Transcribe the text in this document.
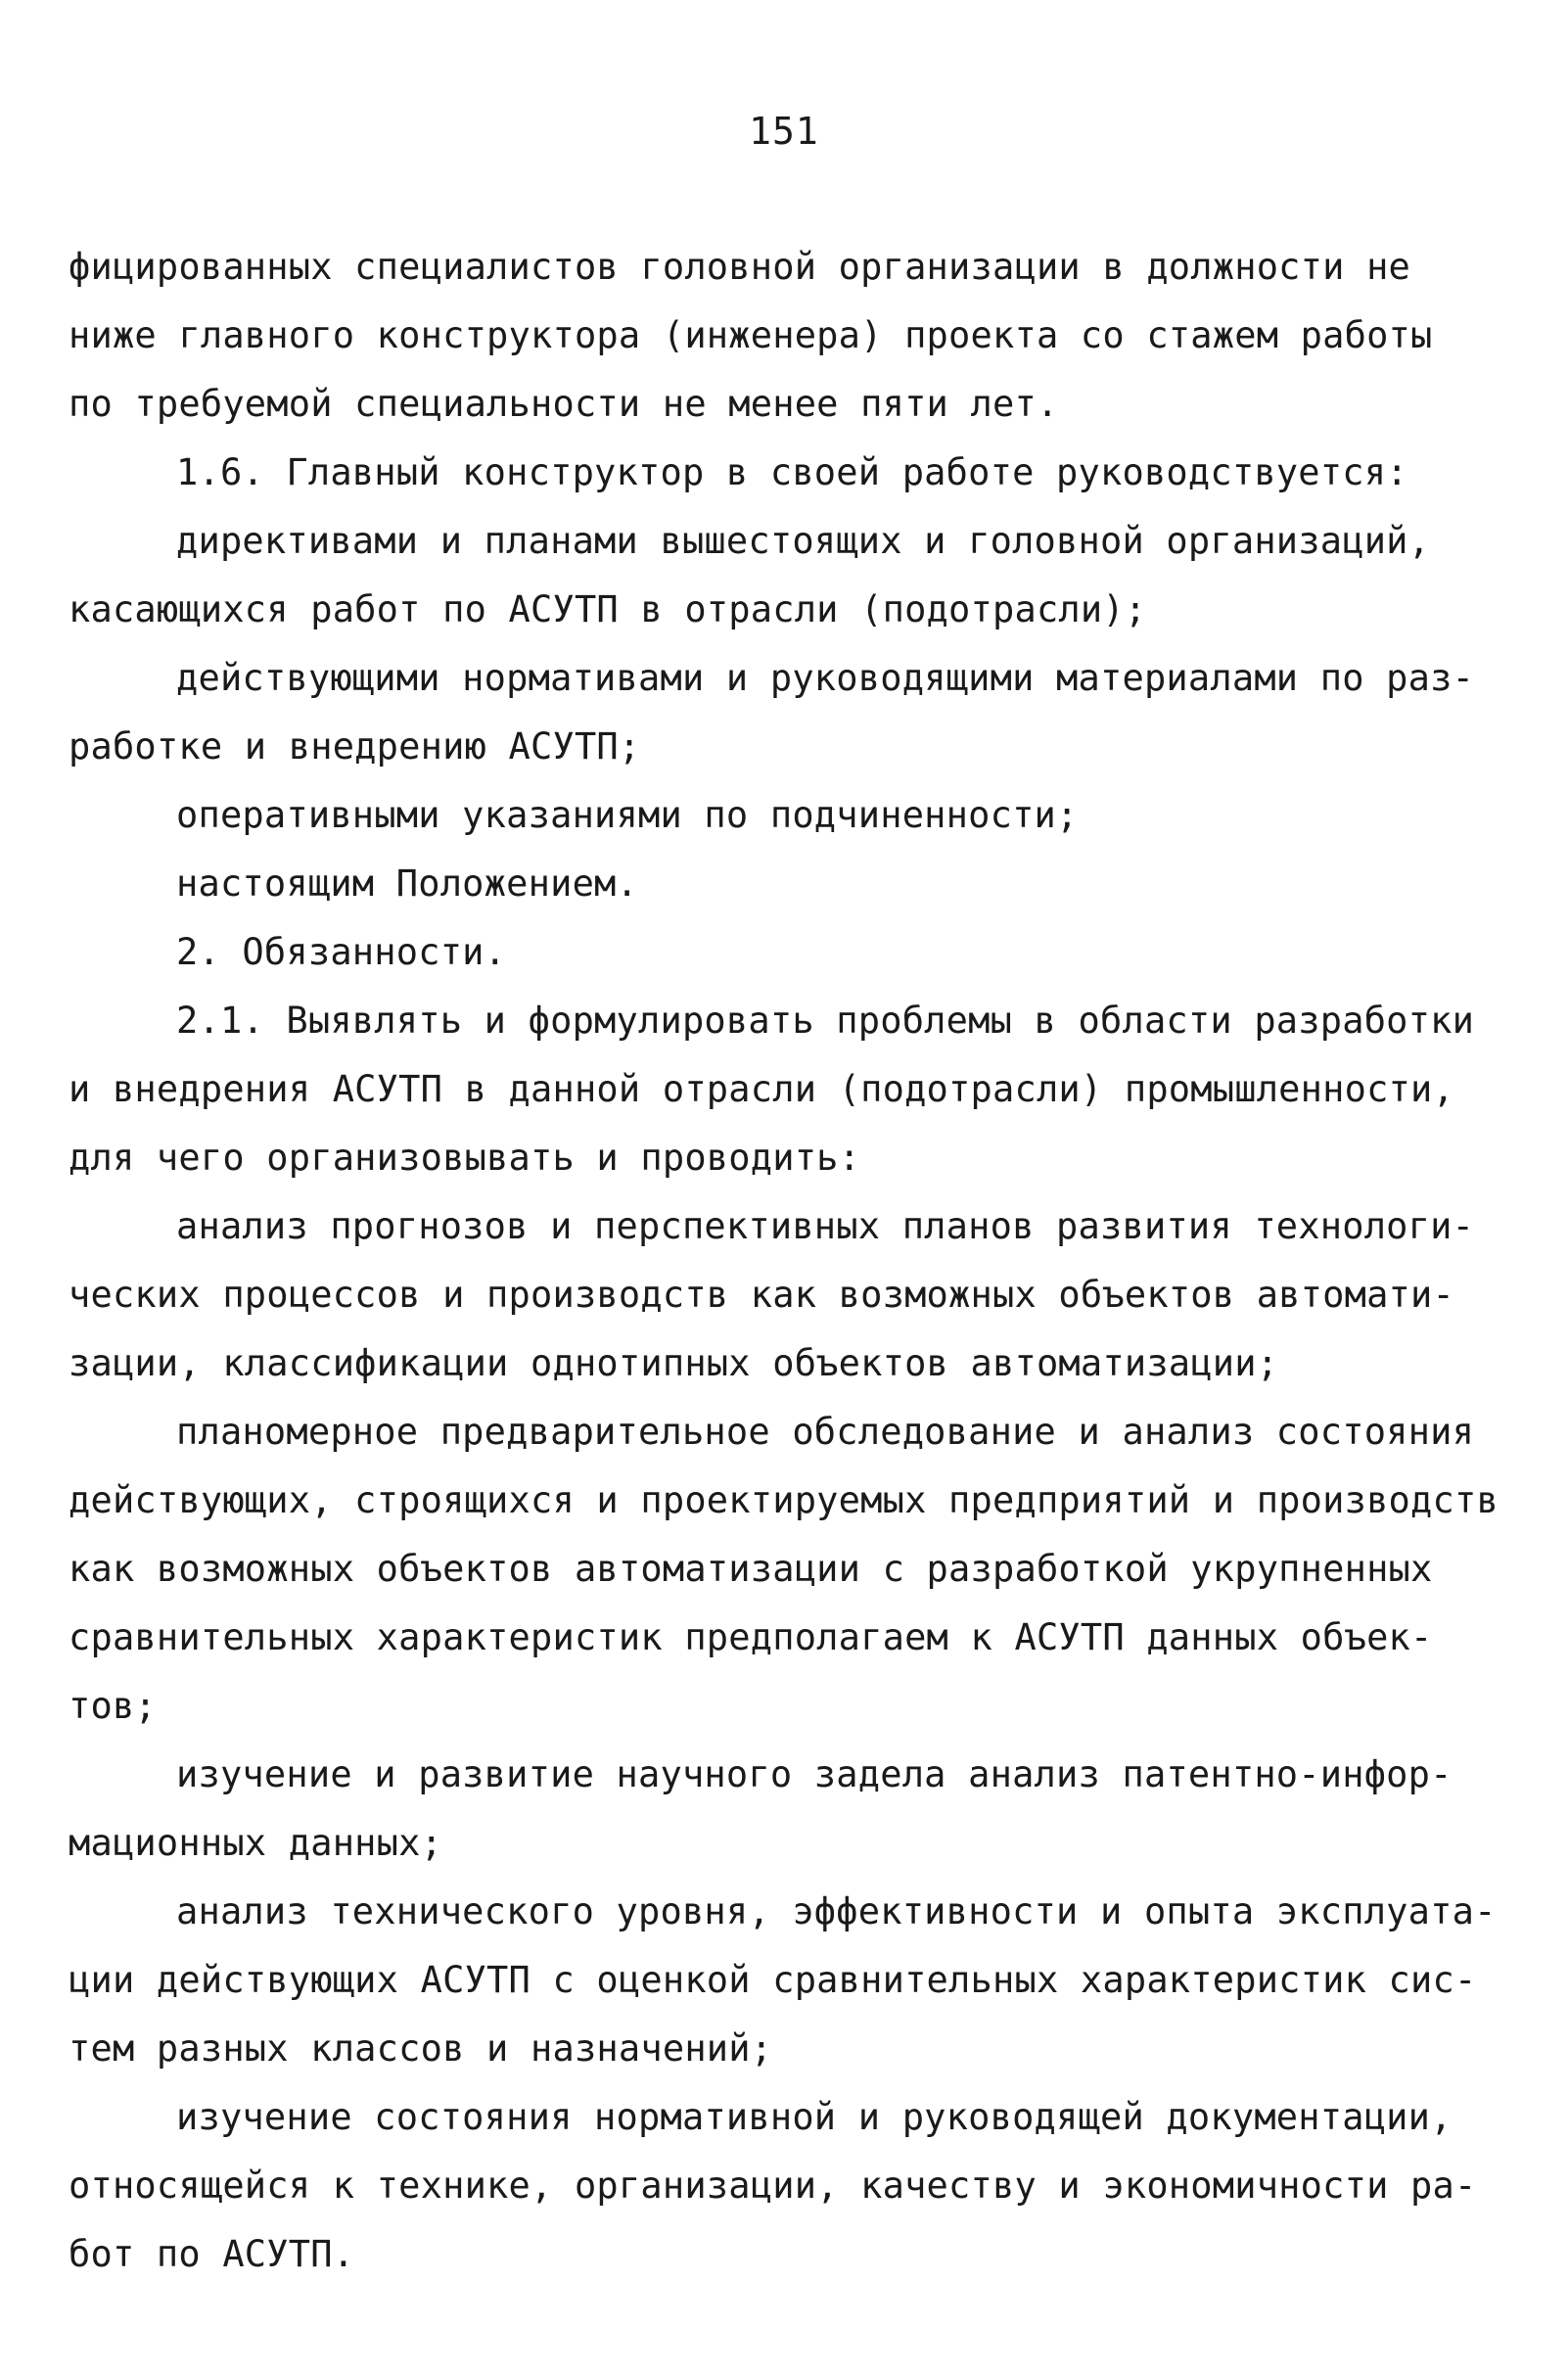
151
фицированных специалистов головной организации в должности не
ниже главного конструктора (инженера) проекта со стажем работы
по требуемой специальности не менее пяти лет.
1.6. Главный конструктор в своей работе руководствуется:
директивами и планами вышестоящих и головной организаций,
касающихся работ по АСУТП в отрасли (подотрасли);
действующими нормативами и руководящими материалами по раз-
работке и внедрению АСУТП;
оперативными указаниями по подчиненности;
настоящим Положением.
2. Обязанности.
2.1. Выявлять и формулировать проблемы в области разработки
и внедрения АСУТП в данной отрасли (подотрасли) промышленности,
для чего организовывать и проводить:
анализ прогнозов и перспективных планов развития технологи-
ческих процессов и производств как возможных объектов автомати-
зации, классификации однотипных объектов автоматизации;
планомерное предварительное обследование и анализ состояния
действующих, строящихся и проектируемых предприятий и производств
как возможных объектов автоматизации с разработкой укрупненных
сравнительных характеристик предполагаем к АСУТП данных объек-
тов;
изучение и развитие научного задела анализ патентно-инфор-
мационных данных;
анализ технического уровня, эффективности и опыта эксплуата-
ции действующих АСУТП с оценкой сравнительных характеристик сис-
тем разных классов и назначений;
изучение состояния нормативной и руководящей документации,
относящейся к технике, организации, качеству и экономичности ра-
бот по АСУТП.
